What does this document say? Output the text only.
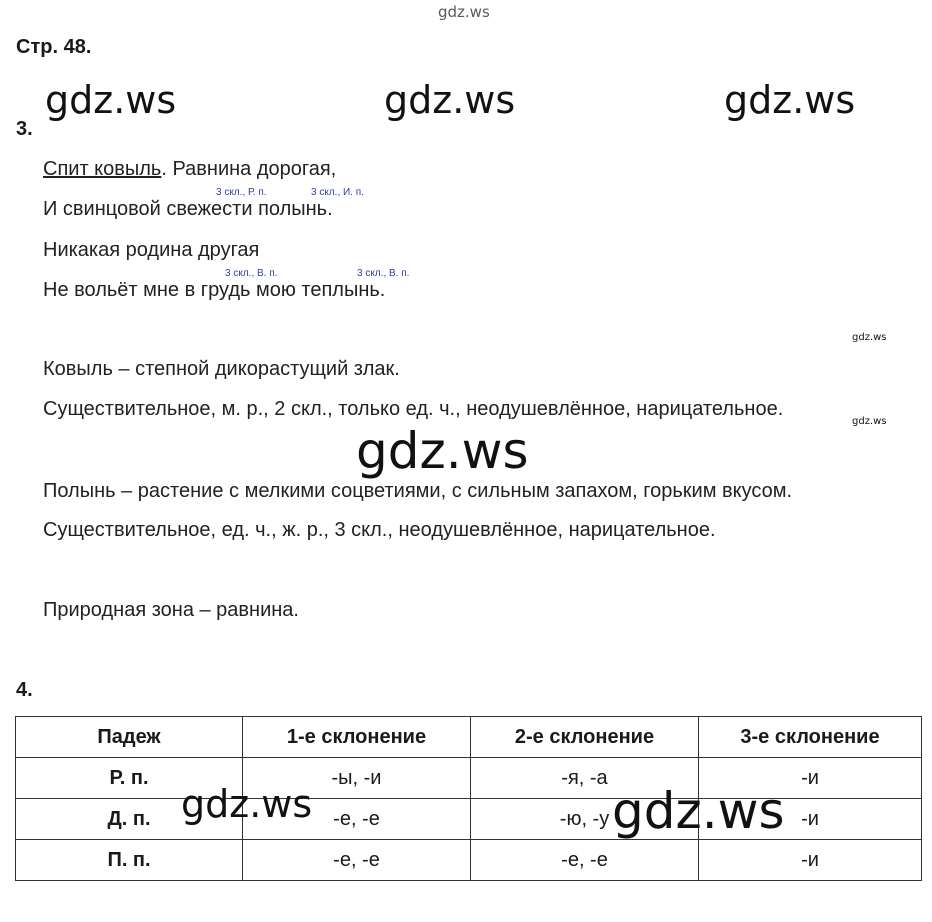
gdz.ws
Стр. 48.
gdz.ws	gdz.ws	gdz.ws
3.
Спит ковыль. Равнина дорогая,
3 скл., Р. п.	3 скл., И. п.
И свинцовой свежести полынь.
Никакая родина другая
3 скл., В. п.	3 скл., В. п.
Не вольёт мне в грудь мою теплынь.
gdz.ws
Ковыль – степной дикорастущий злак.
Существительное, м. р., 2 скл., только ед. ч., неодушевлённое, нарицательное.
gdz.ws
gdz.ws
Полынь – растение с мелкими соцветиями, с сильным запахом, горьким вкусом.
Существительное, ед. ч., ж. р., 3 скл., неодушевлённое, нарицательное.
Природная зона – равнина.
4.
Падеж	1-е склонение	2-е склонение	3-е склонение
Р. п.	-ы, -и	-я, -а	-и
Д. п.	-е, -е	-ю, -у	-и
П. п.	-е, -е	-е, -е	-и
gdz.ws	gdz.ws
